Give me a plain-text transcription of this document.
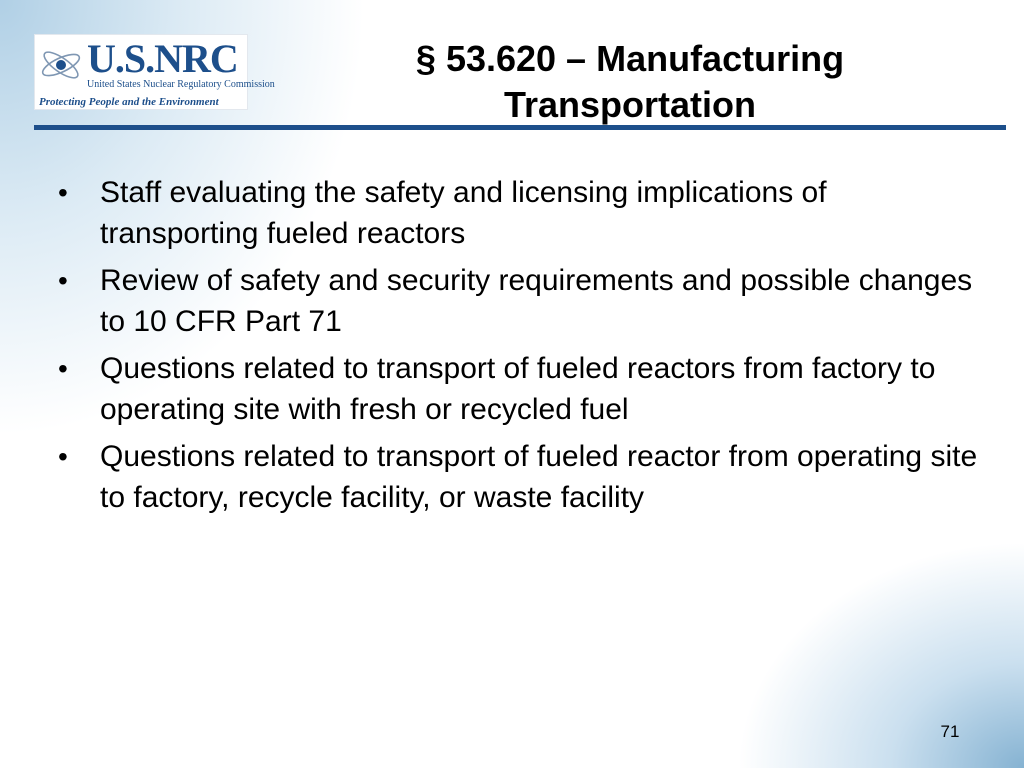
U.S.NRC
United States Nuclear Regulatory Commission
Protecting People and the Environment
§ 53.620 – Manufacturing
Transportation
• Staff evaluating the safety and licensing implications of transporting fueled reactors
• Review of safety and security requirements and possible changes to 10 CFR Part 71
• Questions related to transport of fueled reactors from factory to operating site with fresh or recycled fuel
• Questions related to transport of fueled reactor from operating site to factory, recycle facility, or waste facility
71
